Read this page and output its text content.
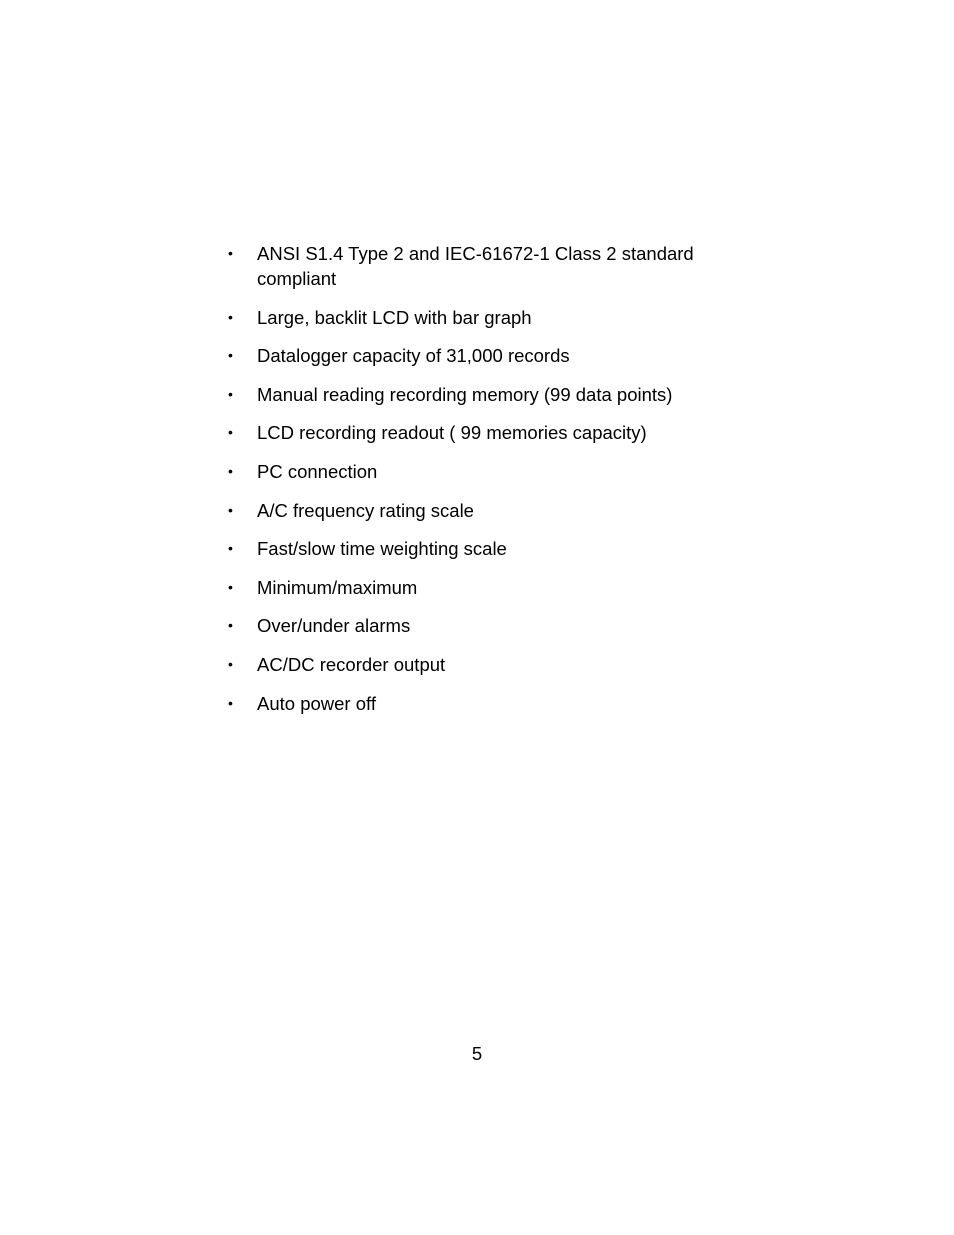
• ANSI S1.4 Type 2 and IEC-61672-1 Class 2 standard compliant
• Large, backlit LCD with bar graph
• Datalogger capacity of 31,000 records
• Manual reading recording memory (99 data points)
• LCD recording readout ( 99 memories capacity)
• PC connection
• A/C frequency rating scale
• Fast/slow time weighting scale
• Minimum/maximum
• Over/under alarms
• AC/DC recorder output
• Auto power off
5
